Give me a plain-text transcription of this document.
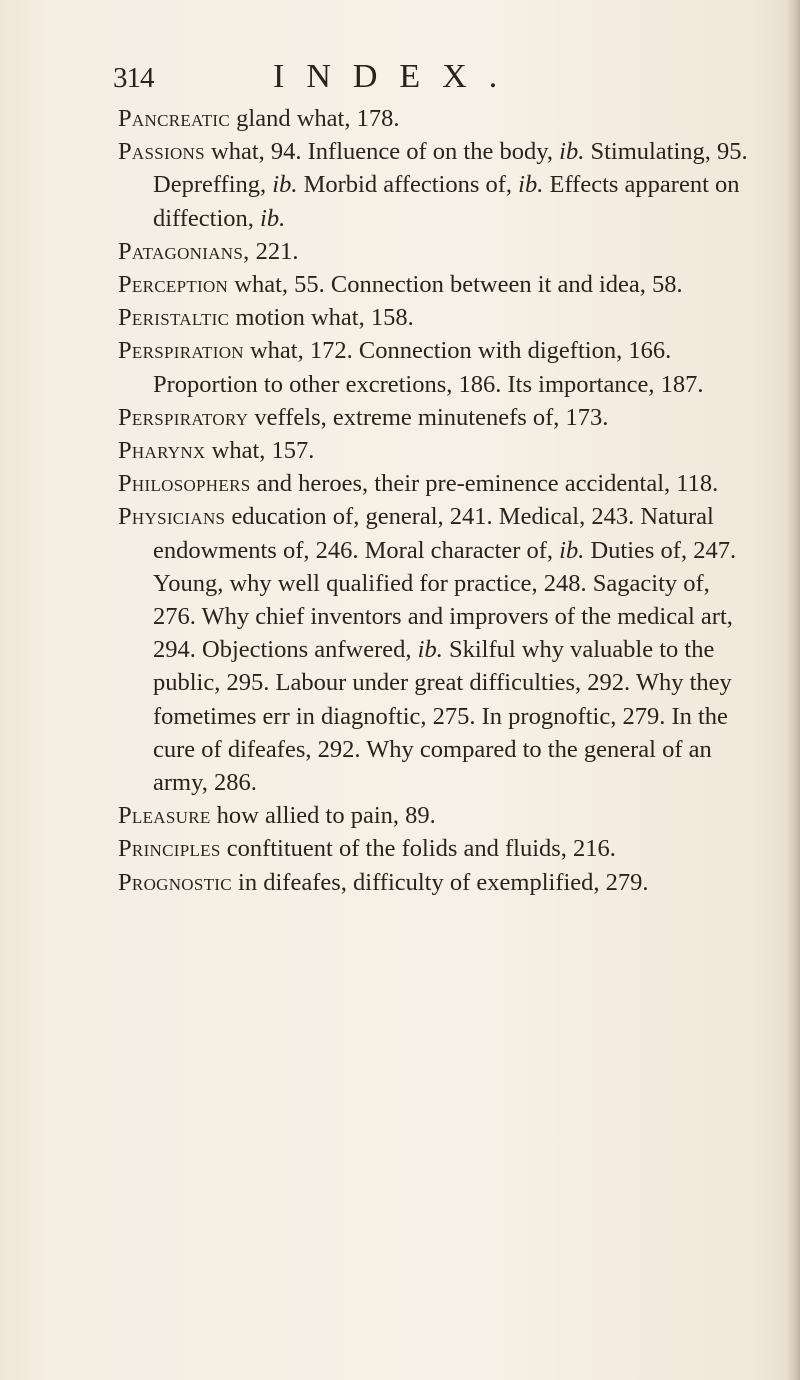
314	INDEX.

Pancreatic gland what, 178.

Passions what, 94. Influence of on the body, ib. Stimulating, 95. Depreffing, ib. Morbid affections of, ib. Effects apparent on diffection, ib.

Patagonians, 221.

Perception what, 55. Connection between it and idea, 58.

Peristaltic motion what, 158.

Perspiration what, 172. Connection with digeftion, 166. Proportion to other excretions, 186. Its importance, 187.

Perspiratory veffels, extreme minutenefs of, 173.

Pharynx what, 157.

Philosophers and heroes, their pre-eminence accidental, 118.

Physicians education of, general, 241. Medical, 243. Natural endowments of, 246. Moral character of, ib. Duties of, 247. Young, why well qualified for practice, 248. Sagacity of, 276. Why chief inventors and improvers of the medical art, 294. Objections anfwered, ib. Skilful why valuable to the public, 295. Labour under great difficulties, 292. Why they fometimes err in diagnoftic, 275. In prognoftic, 279. In the cure of difeafes, 292. Why compared to the general of an army, 286.

Pleasure how allied to pain, 89.

Principles conftituent of the folids and fluids, 216.

Prognostic in difeafes, difficulty of exemplified, 279.
